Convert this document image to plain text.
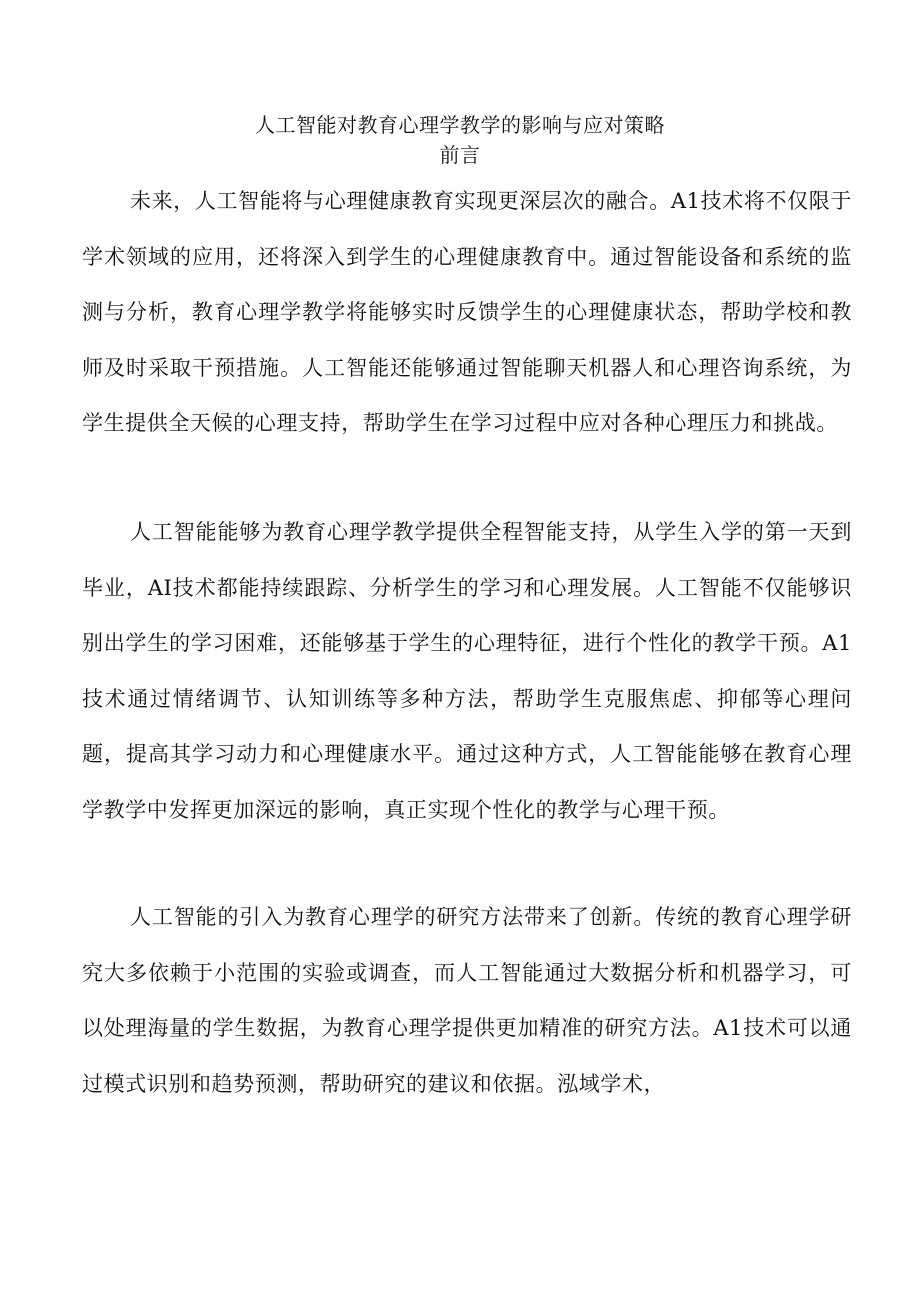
人工智能对教育心理学教学的影响与应对策略
前言

未来，人工智能将与心理健康教育实现更深层次的融合。A1技术将不仅限于学术领域的应用，还将深入到学生的心理健康教育中。通过智能设备和系统的监测与分析，教育心理学教学将能够实时反馈学生的心理健康状态，帮助学校和教师及时采取干预措施。人工智能还能够通过智能聊天机器人和心理咨询系统，为学生提供全天候的心理支持，帮助学生在学习过程中应对各种心理压力和挑战。

人工智能能够为教育心理学教学提供全程智能支持，从学生入学的第一天到毕业，AI技术都能持续跟踪、分析学生的学习和心理发展。人工智能不仅能够识别出学生的学习困难，还能够基于学生的心理特征，进行个性化的教学干预。A1技术通过情绪调节、认知训练等多种方法，帮助学生克服焦虑、抑郁等心理问题，提高其学习动力和心理健康水平。通过这种方式，人工智能能够在教育心理学教学中发挥更加深远的影响，真正实现个性化的教学与心理干预。

人工智能的引入为教育心理学的研究方法带来了创新。传统的教育心理学研究大多依赖于小范围的实验或调查，而人工智能通过大数据分析和机器学习，可以处理海量的学生数据，为教育心理学提供更加精准的研究方法。A1技术可以通过模式识别和趋势预测，帮助研究的建议和依据。泓域学术，
